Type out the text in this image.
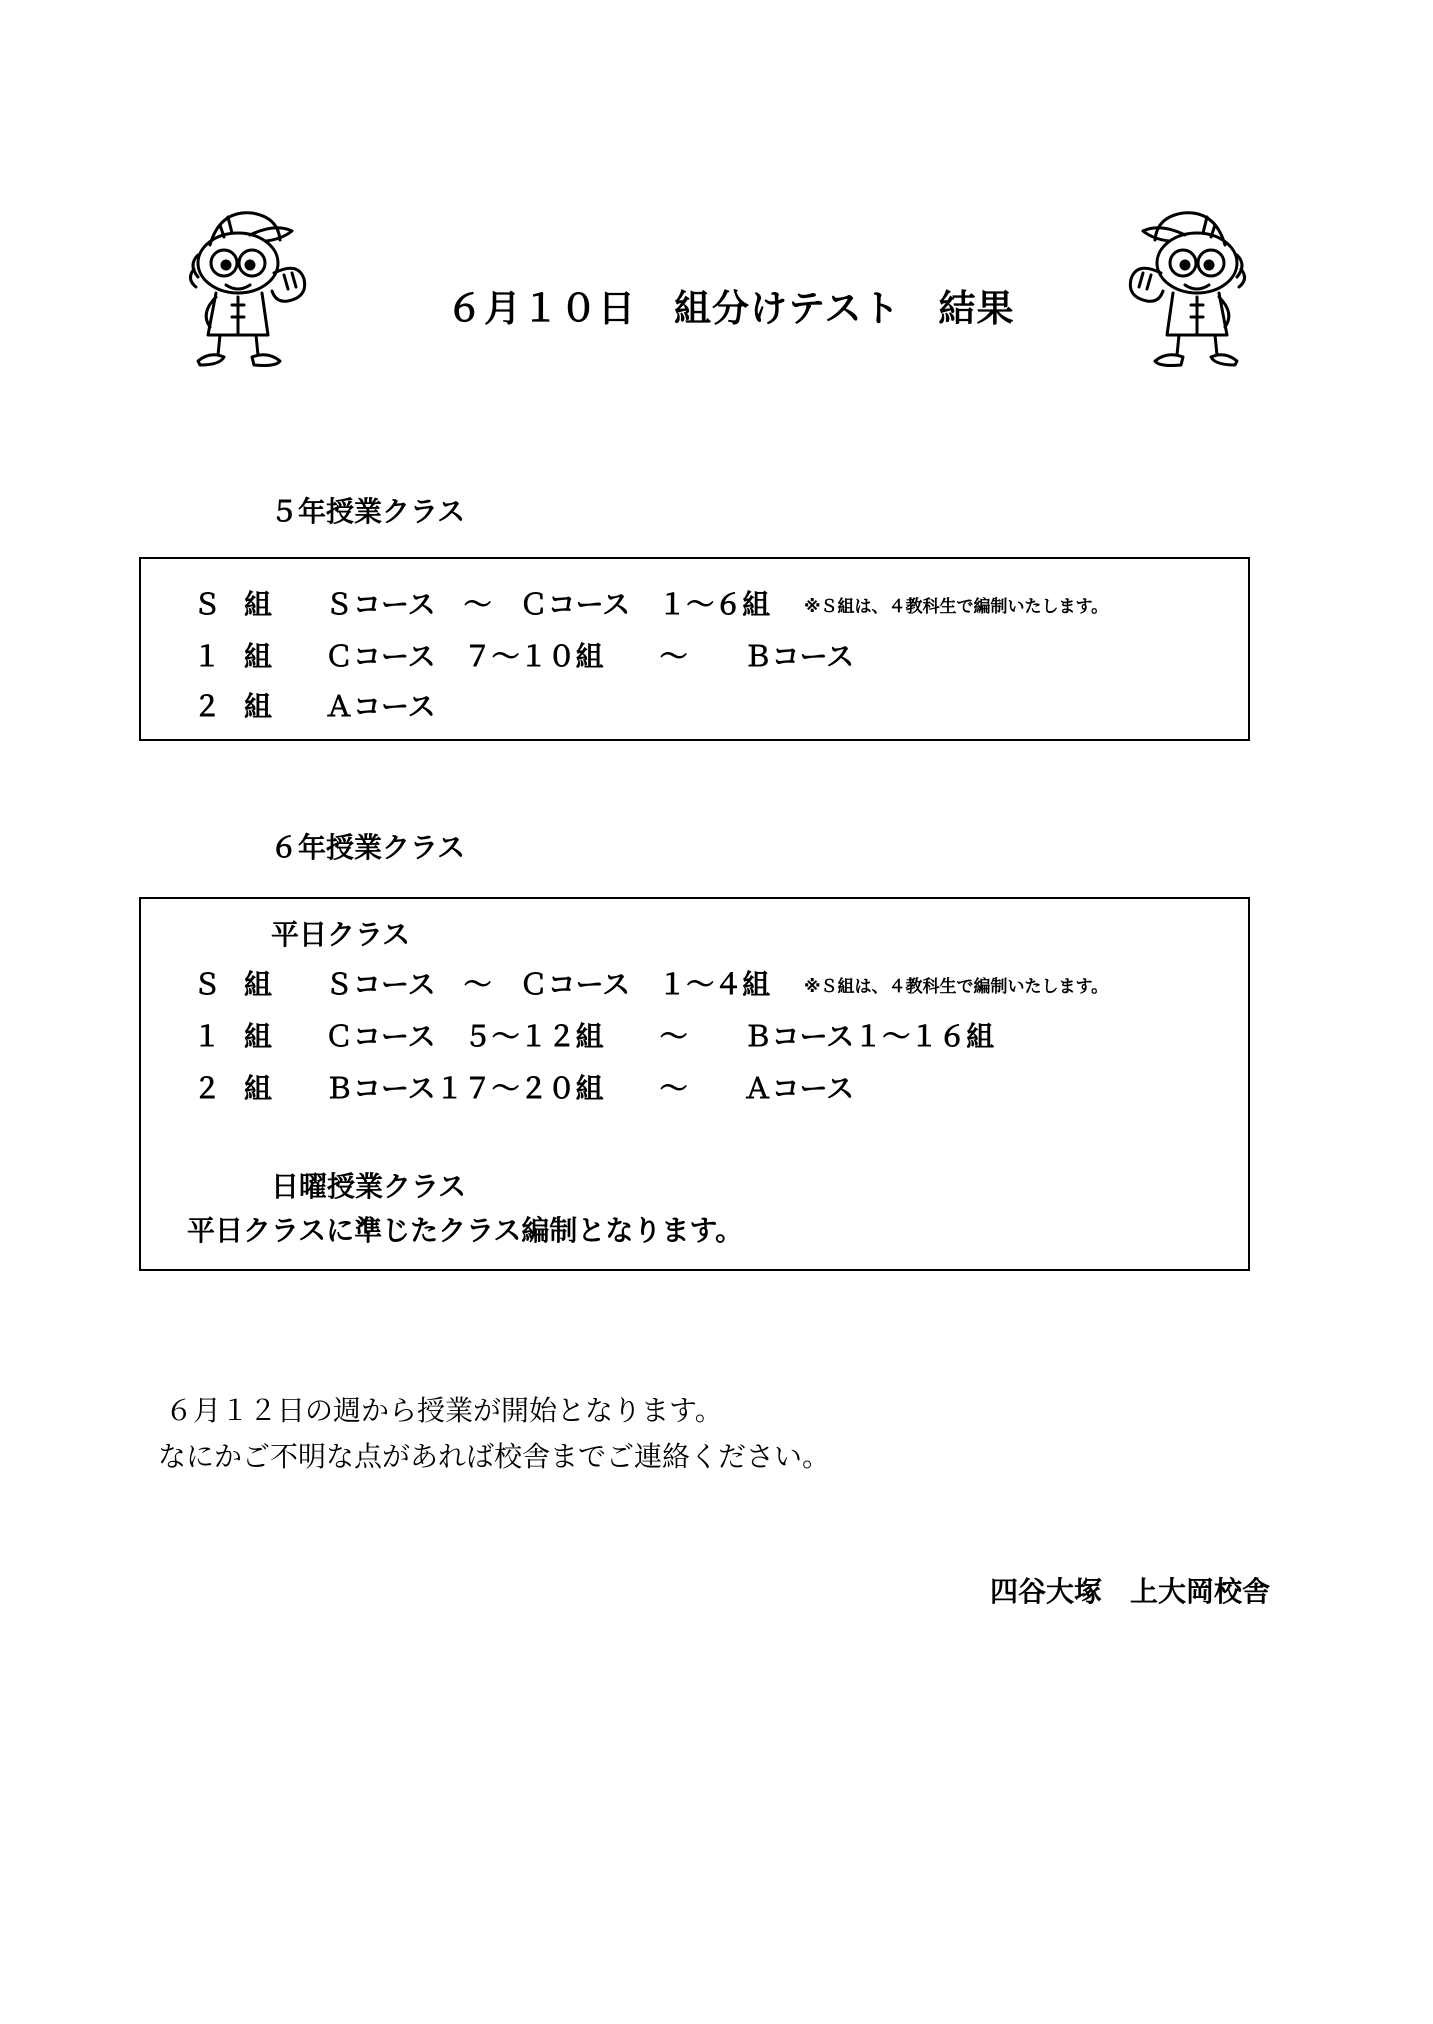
６月１０日　組分けテスト　結果
５年授業クラス
Ｓ 組 Ｓコース　～　Ｃコース　１～６組 ※Ｓ組は、４教科生で編制いたします。
１ 組 Ｃコース　７～１０組　　～　　Ｂコース
２ 組 Ａコース
６年授業クラス
平日クラス
Ｓ 組 Ｓコース　～　Ｃコース　１～４組 ※Ｓ組は、４教科生で編制いたします。
１ 組 Ｃコース　５～１２組　　～　　Ｂコース１～１６組
２ 組 Ｂコース１７～２０組　　～　　Ａコース
日曜授業クラス
平日クラスに準じたクラス編制となります。
６月１２日の週から授業が開始となります。
なにかご不明な点があれば校舎までご連絡ください。
四谷大塚　上大岡校舎
